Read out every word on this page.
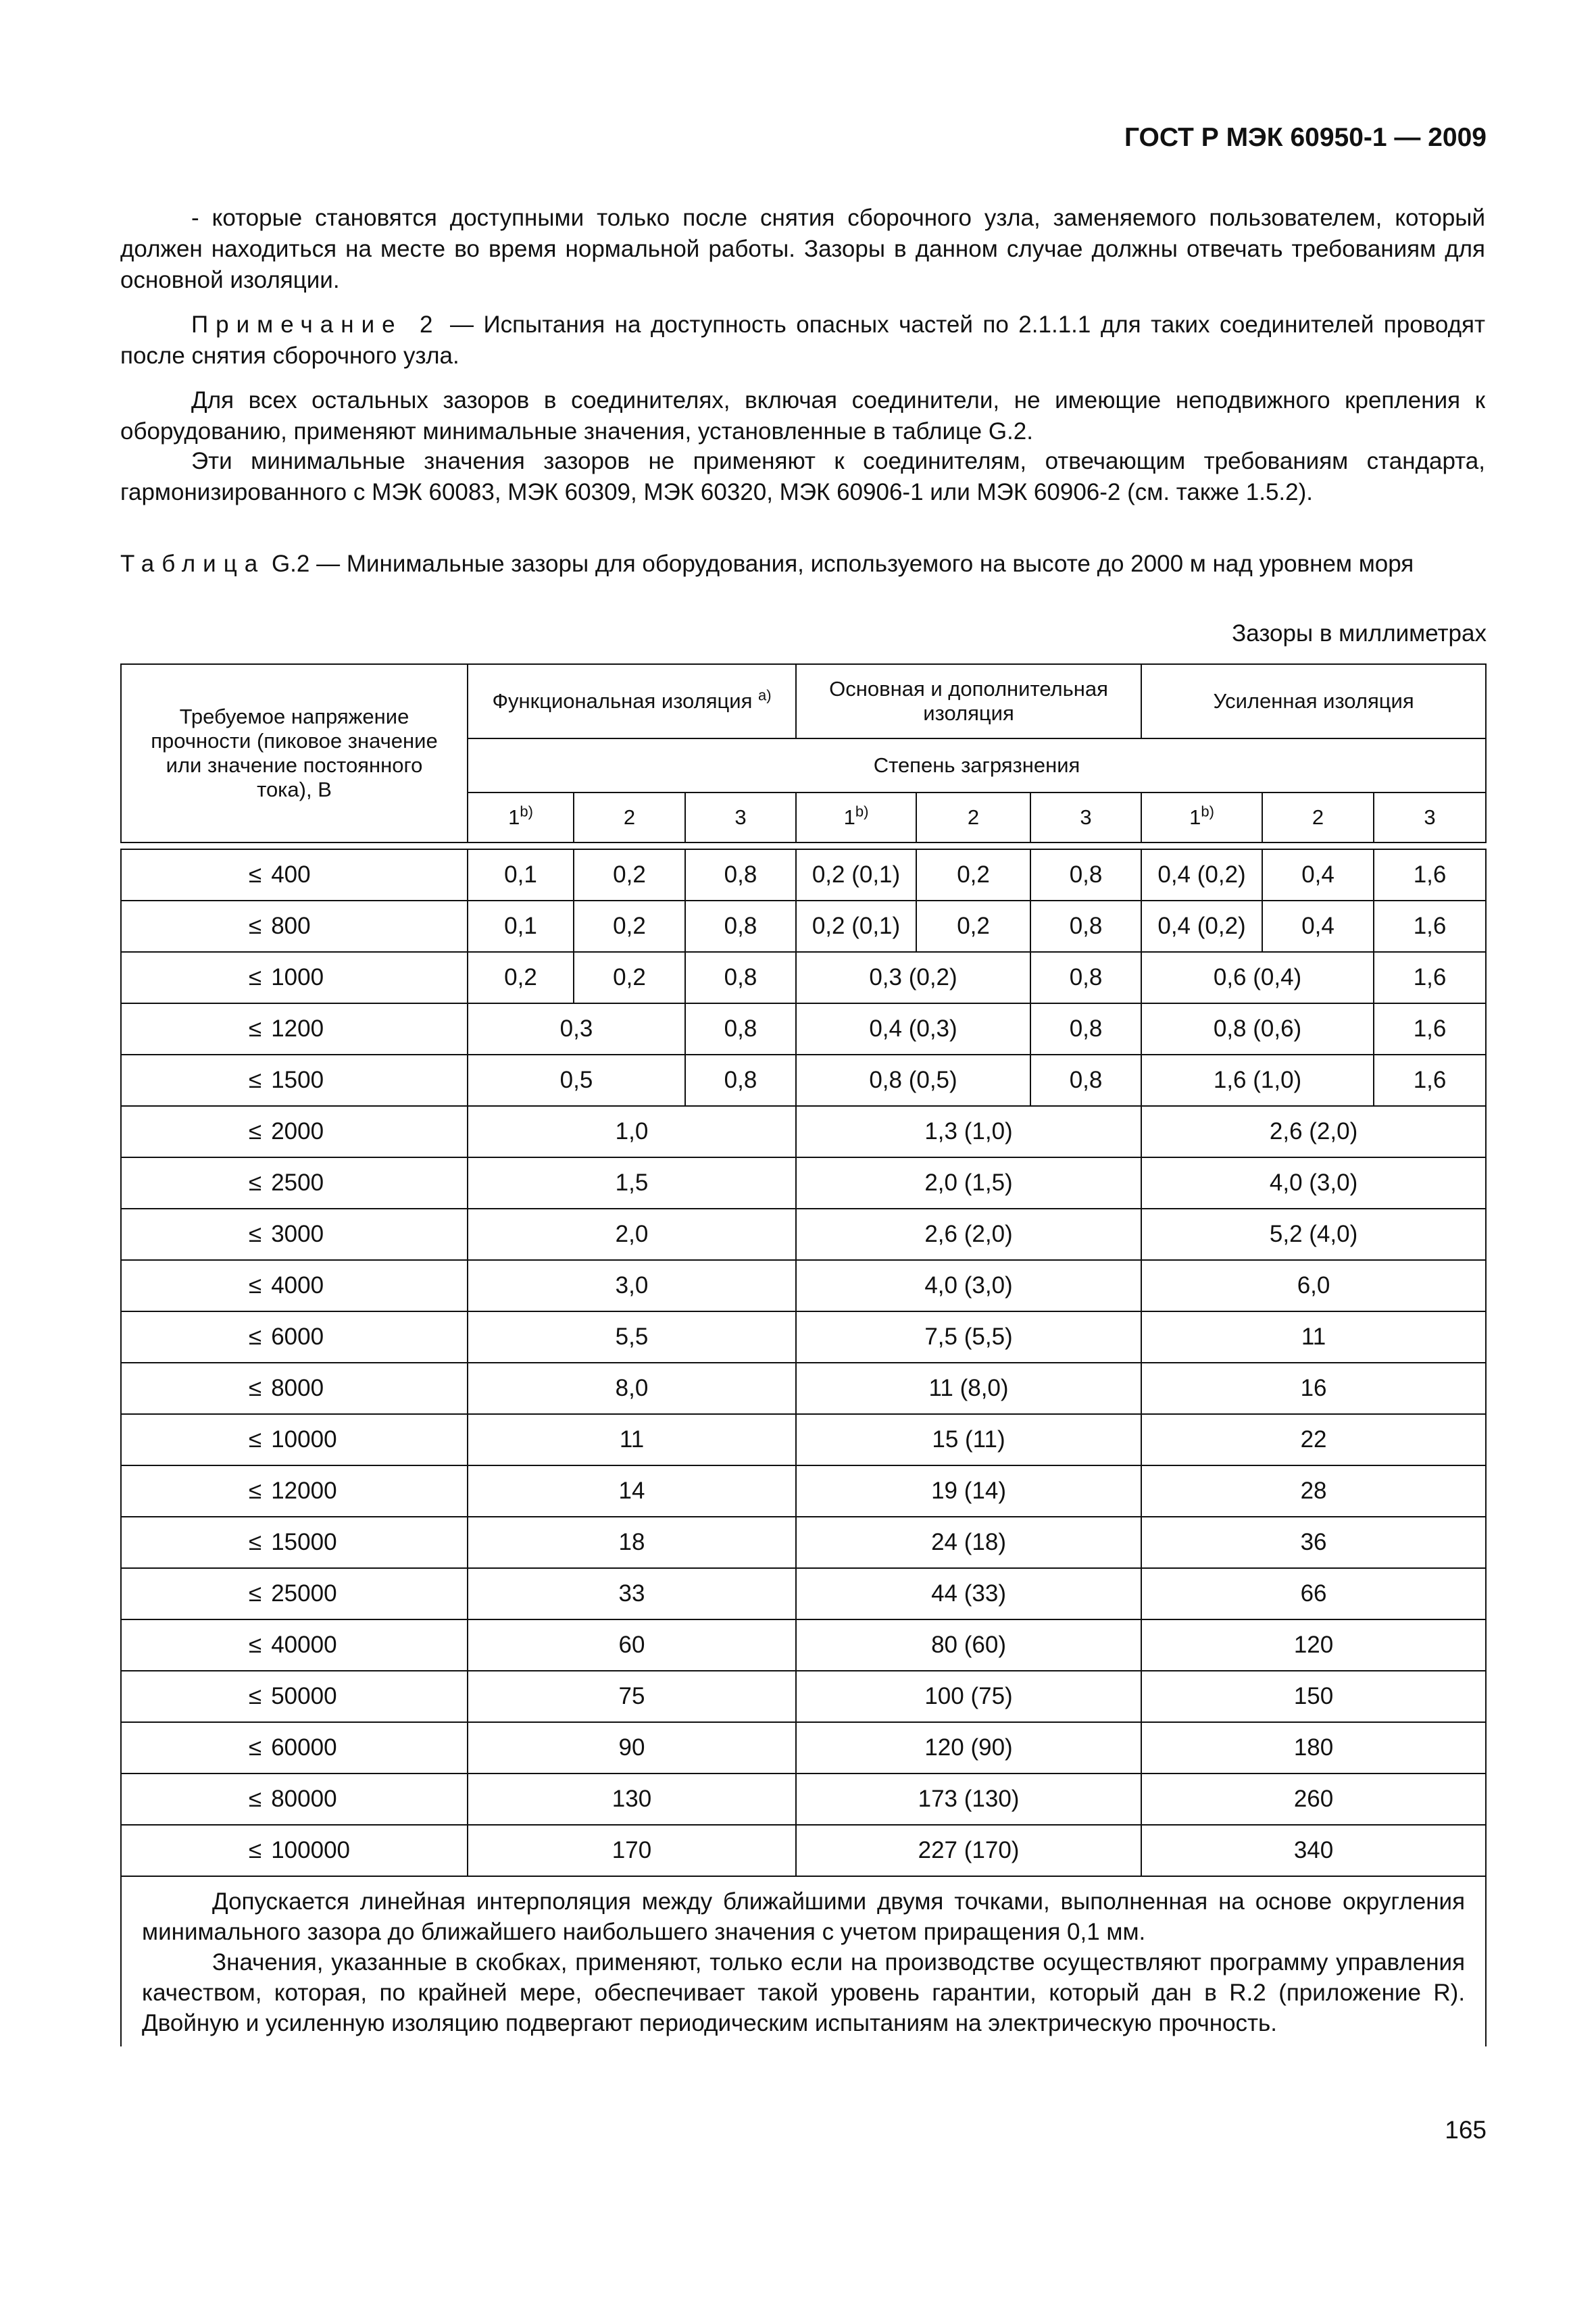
ГОСТ Р МЭК 60950-1 — 2009
- которые становятся доступными только после снятия сборочного узла, заменяемого пользователем, который должен находиться на месте во время нормальной работы. Зазоры в данном случае должны отвечать требованиям для основной изоляции.
Примечание 2 — Испытания на доступность опасных частей по 2.1.1.1 для таких соединителей проводят после снятия сборочного узла.
Для всех остальных зазоров в соединителях, включая соединители, не имеющие неподвижного крепления к оборудованию, применяют минимальные значения, установленные в таблице G.2.
Эти минимальные значения зазоров не применяют к соединителям, отвечающим требованиям стандарта, гармонизированного с МЭК 60083, МЭК 60309, МЭК 60320, МЭК 60906-1 или МЭК 60906-2 (см. также 1.5.2).
Таблица G.2 — Минимальные зазоры для оборудования, используемого на высоте до 2000 м над уровнем моря
Зазоры в миллиметрах
Требуемое напряжение прочности (пиковое значение или значение постоянного тока), В	Функциональная изоляция $^{a)}$			Основная и дополнительная изоляция			Усиленная изоляция		
	Степень загрязнения								
	1$^{b)}$	2	3	1$^{b)}$	2	3	1$^{b)}$	2	3

≤ 400	0,1	0,2	0,8	0,2 (0,1)	0,2	0,8	0,4 (0,2)	0,4	1,6
≤ 800	0,1	0,2	0,8	0,2 (0,1)	0,2	0,8	0,4 (0,2)	0,4	1,6
≤ 1000	0,2	0,2	0,8	0,3 (0,2)		0,8	0,6 (0,4)		1,6
≤ 1200	0,3		0,8	0,4 (0,3)		0,8	0,8 (0,6)		1,6
≤ 1500	0,5		0,8	0,8 (0,5)		0,8	1,6 (1,0)		1,6
≤ 2000	1,0			1,3 (1,0)			2,6 (2,0)		
≤ 2500	1,5			2,0 (1,5)			4,0 (3,0)		
≤ 3000	2,0			2,6 (2,0)			5,2 (4,0)		
≤ 4000	3,0			4,0 (3,0)			6,0		
≤ 6000	5,5			7,5 (5,5)			11		
≤ 8000	8,0			11 (8,0)			16		
≤ 10000	11			15 (11)			22		
≤ 12000	14			19 (14)			28		
≤ 15000	18			24 (18)			36		
≤ 25000	33			44 (33)			66		
≤ 40000	60			80 (60)			120		
≤ 50000	75			100 (75)			150		
≤ 60000	90			120 (90)			180		
≤ 80000	130			173 (130)			260		
≤ 100000	170			227 (170)			340		

Допускается линейная интерполяция между ближайшими двумя точками, выполненная на основе округления минимального зазора до ближайшего наибольшего значения с учетом приращения 0,1 мм.

Значения, указанные в скобках, применяют, только если на производстве осуществляют программу управления качеством, которая, по крайней мере, обеспечивает такой уровень гарантии, который дан в R.2 (приложение R). Двойную и усиленную изоляцию подвергают периодическим испытаниям на электрическую прочность.									

165
